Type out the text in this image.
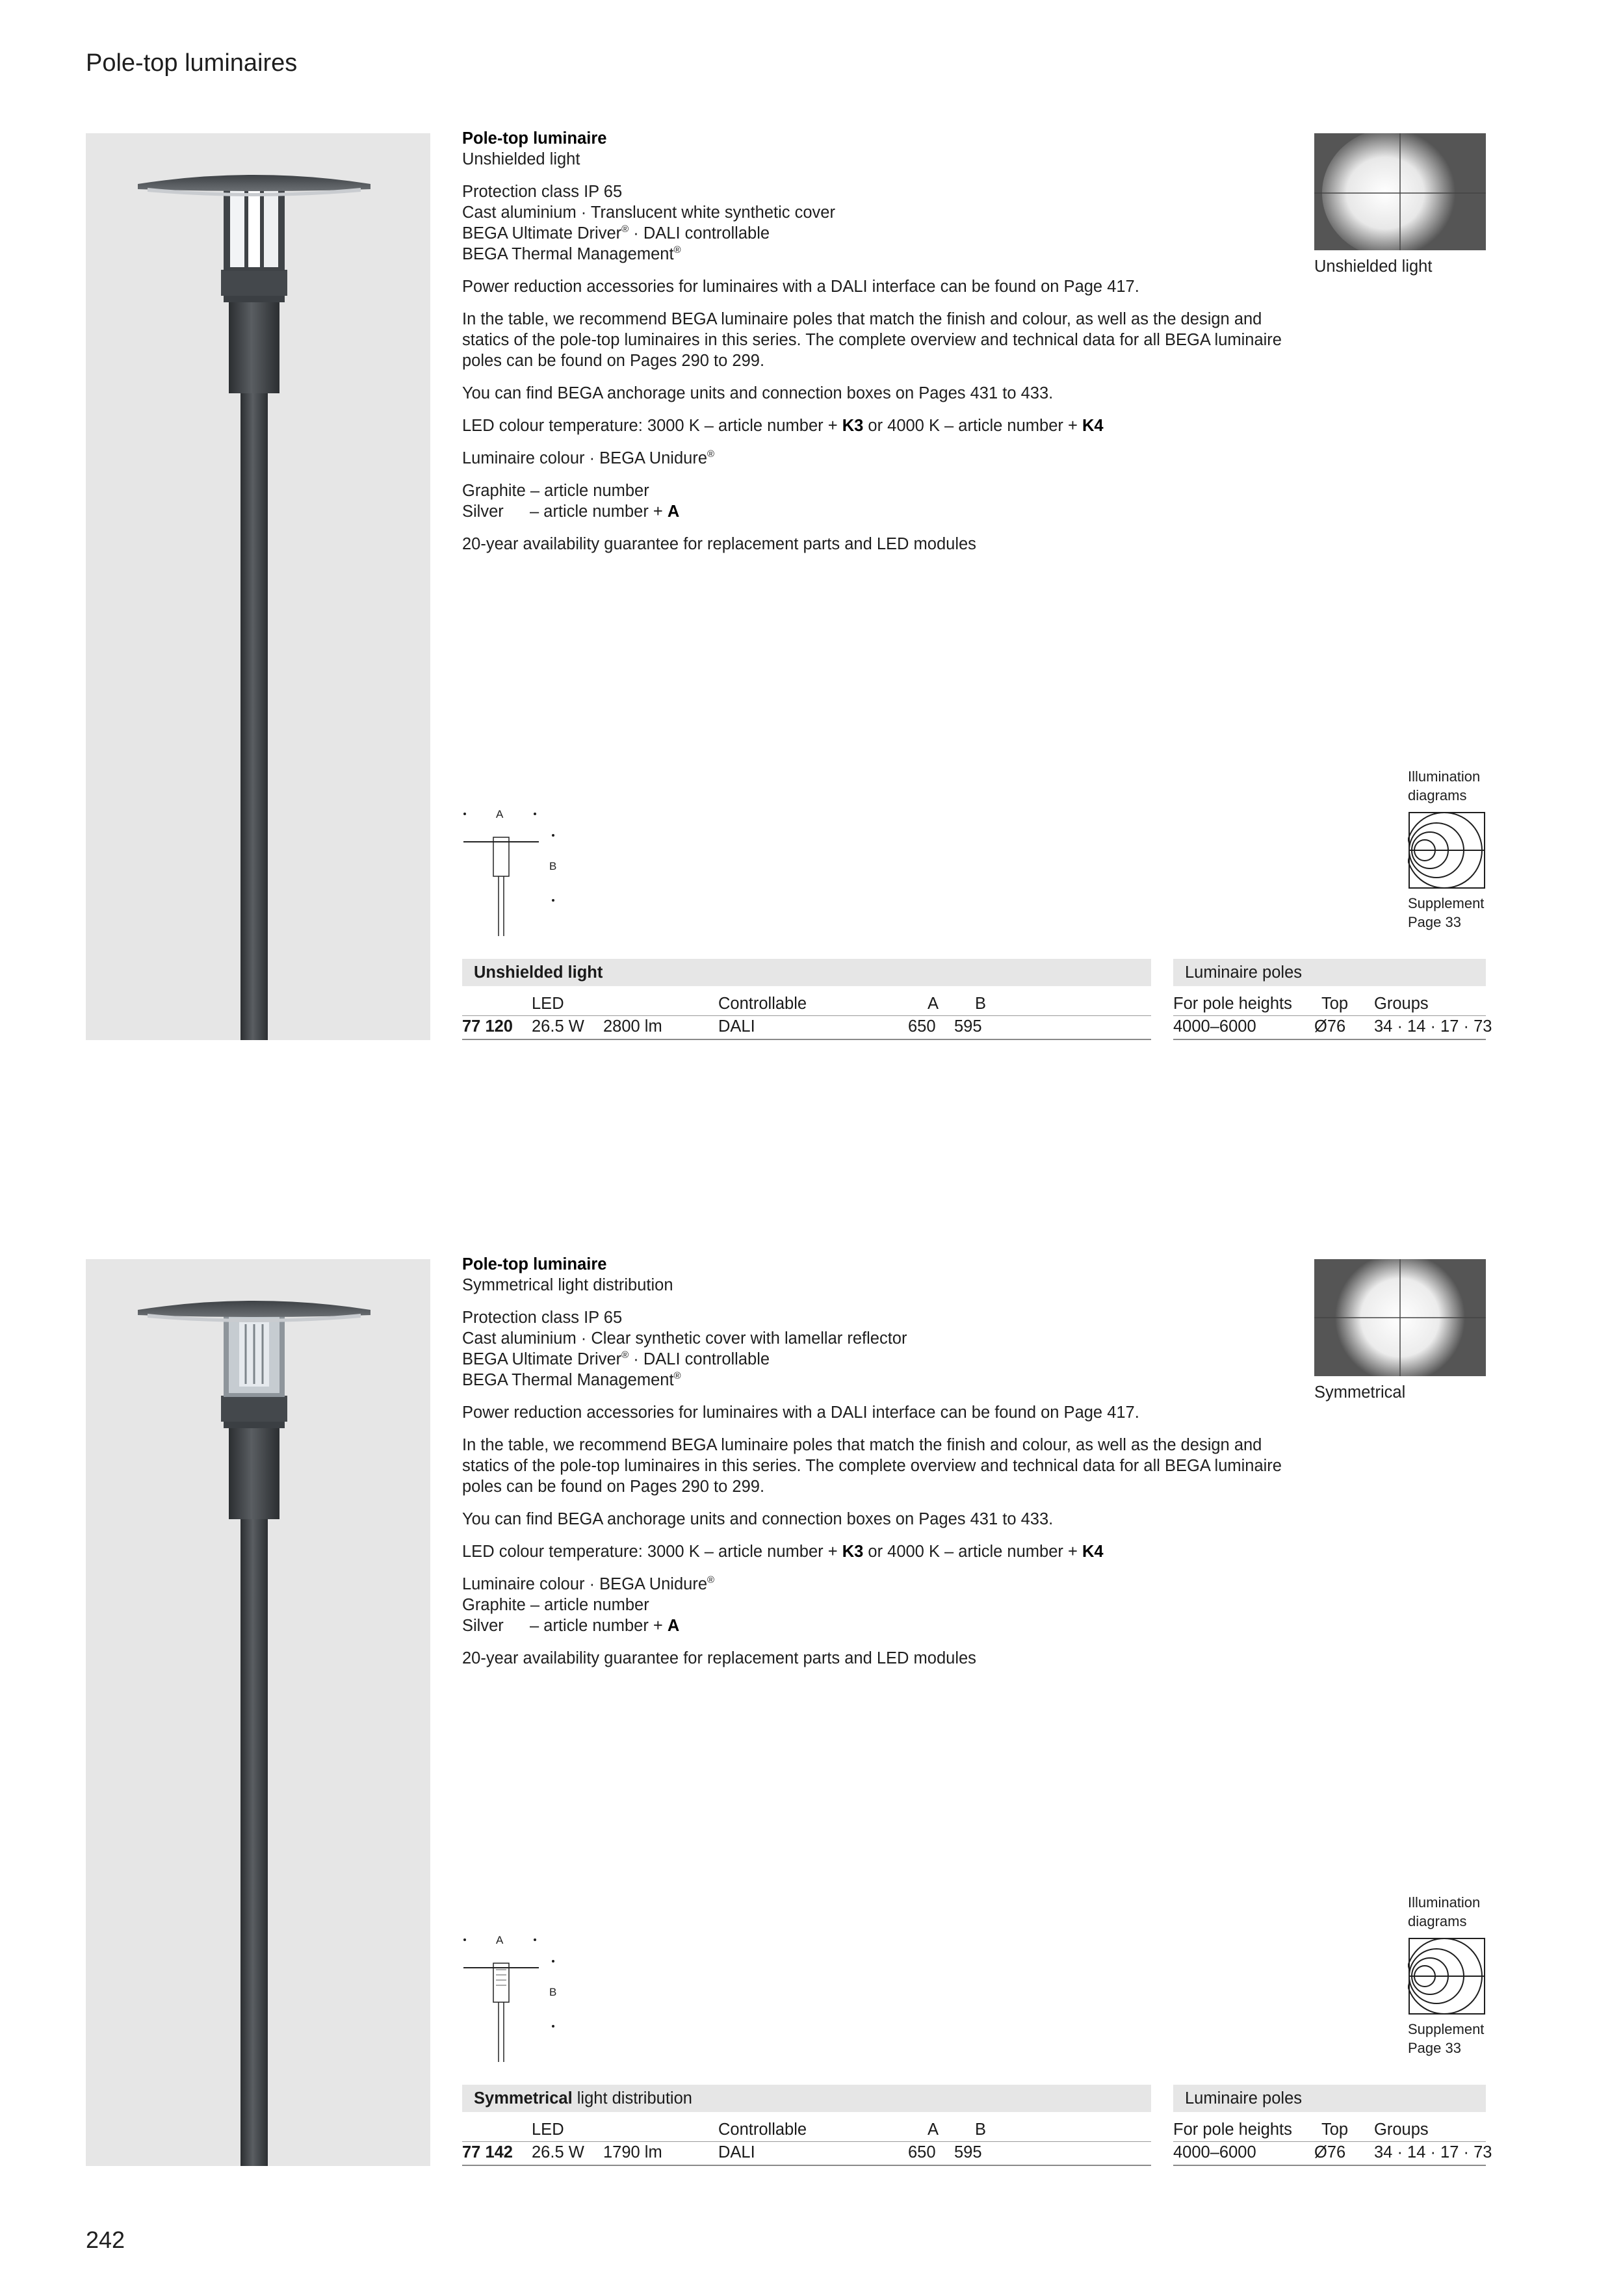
Pole-top luminaires

Pole-top luminaire
Unshielded light

Protection class IP 65
Cast aluminium · Translucent white synthetic cover
BEGA Ultimate Driver® · DALI controllable
BEGA Thermal Management®

Power reduction accessories for luminaires with a DALI interface can be found on Page 417.

In the table, we recommend BEGA luminaire poles that match the finish and colour, as well as the design and statics of the pole-top luminaires in this series. The complete overview and technical data for all BEGA luminaire poles can be found on Pages 290 to 299.

You can find BEGA anchorage units and connection boxes on Pages 431 to 433.

LED colour temperature: 3000 K – article number + K3 or 4000 K – article number + K4

Luminaire colour · BEGA Unidure®

Graphite – article number
Silver – article number + A

20-year availability guarantee for replacement parts and LED modules

Unshielded light
Illumination
diagrams
Supplement
Page 33
A
B
Unshielded light	Luminaire poles
LED	Controllable	A B
77 120 26.5 W 2800 lm	DALI	650 595
For pole heights Top Groups
4000–6000	Ø76 34 · 14 · 17 · 73

Pole-top luminaire
Symmetrical light distribution

Protection class IP 65
Cast aluminium · Clear synthetic cover with lamellar reflector
BEGA Ultimate Driver® · DALI controllable
BEGA Thermal Management®

Power reduction accessories for luminaires with a DALI interface can be found on Page 417.

In the table, we recommend BEGA luminaire poles that match the finish and colour, as well as the design and statics of the pole-top luminaires in this series. The complete overview and technical data for all BEGA luminaire poles can be found on Pages 290 to 299.

You can find BEGA anchorage units and connection boxes on Pages 431 to 433.

LED colour temperature: 3000 K – article number + K3 or 4000 K – article number + K4

Luminaire colour · BEGA Unidure®
Graphite – article number
Silver – article number + A

20-year availability guarantee for replacement parts and LED modules

Symmetrical
Illumination
diagrams
Supplement
Page 33
A
B
Symmetrical light distribution	Luminaire poles
LED	Controllable	A B
77 142 26.5 W 1790 lm	DALI	650 595
For pole heights Top Groups
4000–6000	Ø76 34 · 14 · 17 · 73
242
